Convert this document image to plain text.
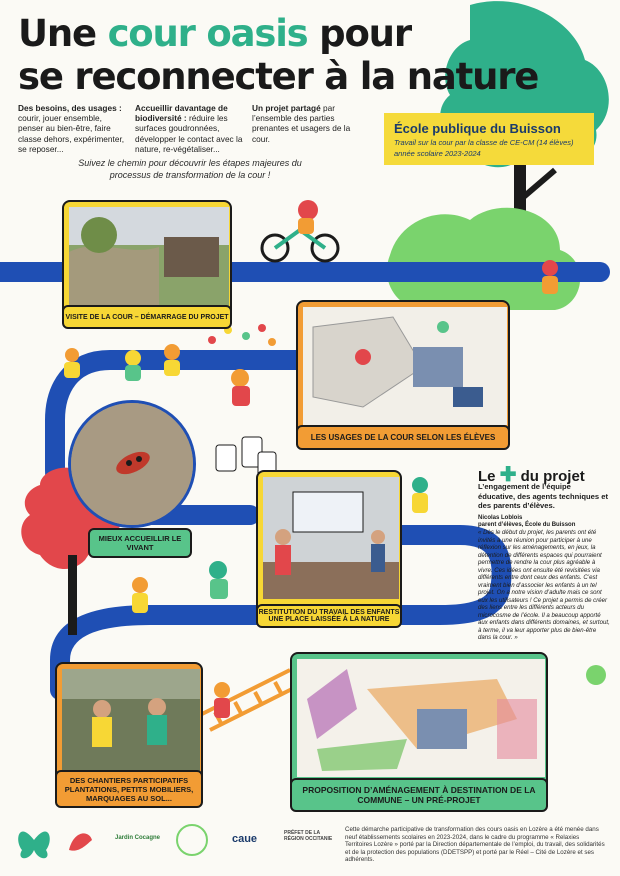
Une cour oasis pour
se reconnecter à la nature
Des besoins, des usages : courir, jouer ensemble, penser au bien-être, faire classe dehors, expérimenter, se reposer...
Accueillir davantage de biodiversité : réduire les surfaces goudronnées, développer le contact avec la nature, re-végétaliser...
Un projet partagé par l’ensemble des parties prenantes et usagers de la cour.
Suivez le chemin pour découvrir les étapes majeures du processus de transformation de la cour !
École publique du Buisson
Travail sur la cour par la classe de CE-CM (14 élèves)
année scolaire 2023-2024
VISITE DE LA COUR – DÉMARRAGE DU PROJET
LES USAGES DE LA COUR SELON LES ÉLÈVES
MIEUX ACCUEILLIR LE VIVANT
RESTITUTION DU TRAVAIL DES ENFANTS UNE PLACE LAISSÉE À LA NATURE
DES CHANTIERS PARTICIPATIFS PLANTATIONS, PETITS MOBILIERS, MARQUAGES AU SOL...
PROPOSITION D’AMÉNAGEMENT À DESTINATION DE LA COMMUNE – UN PRÉ-PROJET
Le ✚ du projet
L’engagement de l’équipe éducative, des agents techniques et des parents d’élèves.
Nicolas Loblois
parent d’élèves, École du Buisson
« Dès le début du projet, les parents ont été invités à une réunion pour participer à une réflexion sur les aménagements, en jeux, la détention de différents espaces qui pourraient permettre de rendre la cour plus agréable à vivre. Ces idées ont ensuite été revisitées via différents entre dont ceux des enfants. C’est vraiment bien d’associer les enfants à un tel projet. On a notre vision d’adulte mais ce sont eux les utilisateurs ! Ce projet a permis de créer des liens entre les différents acteurs du microcosme de l’école. Il a beaucoup apporté aux enfants dans différents domaines, et surtout, à terme, il va leur apporter plus de bien-être dans la cour. »
Jardin Cocagne	caue	PRÉFET DE LA RÉGION OCCITANIE
Cette démarche participative de transformation des cours oasis en Lozère a été menée dans neuf établissements scolaires en 2023-2024, dans le cadre du programme « Relaxies Territoires Lozère » porté par la Direction départementale de l’emploi, du travail, des solidarités et de la protection des populations (DDETSPP) et porté par le Réel – Cité de Lozère et ses adhérents.
